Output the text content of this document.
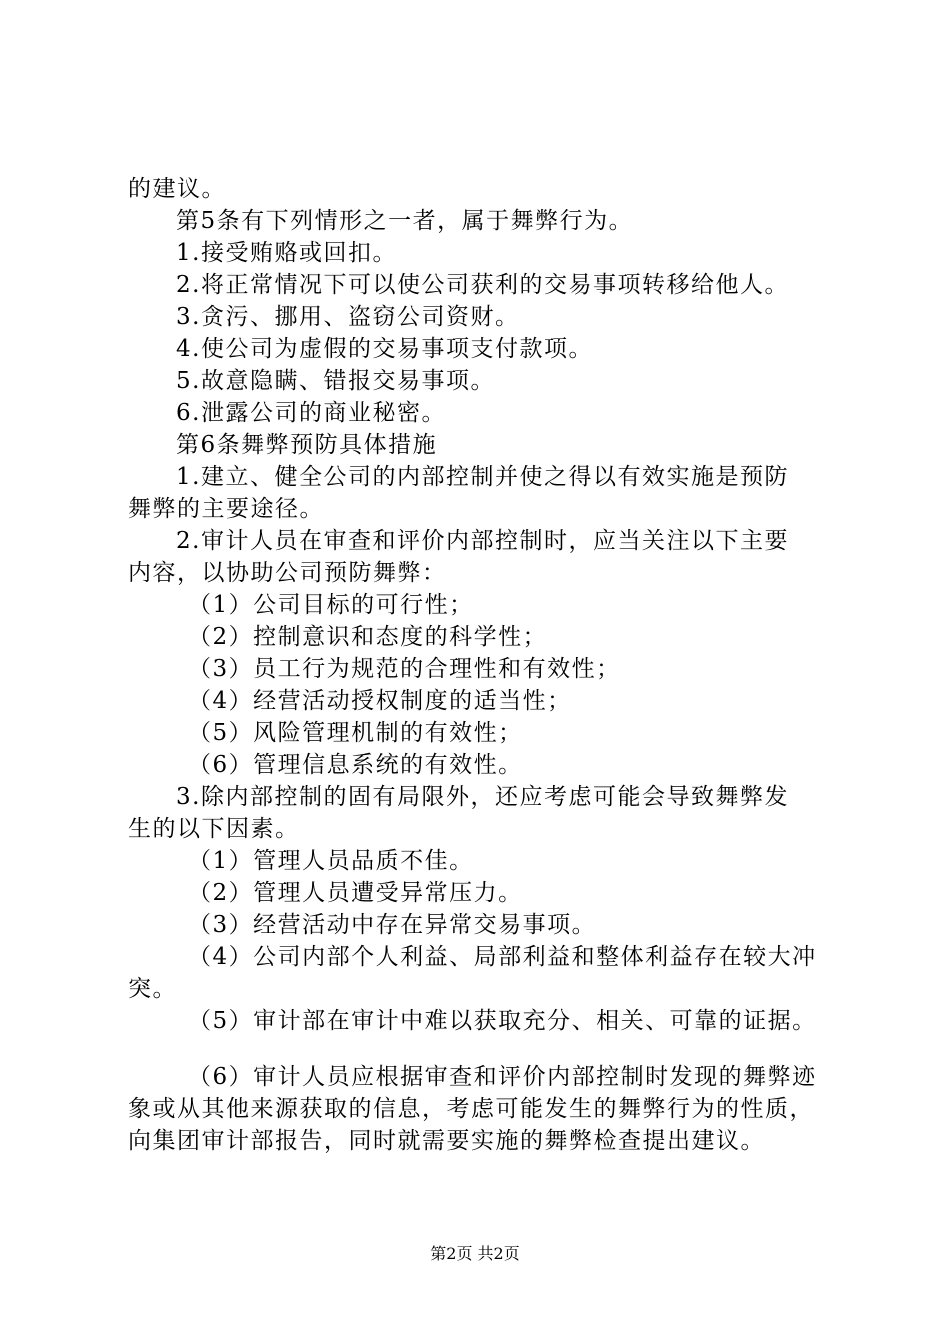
的建议。
第5条有下列情形之一者，属于舞弊行为。
1.接受贿赂或回扣。
2.将正常情况下可以使公司获利的交易事项转移给他人。
3.贪污、挪用、盗窃公司资财。
4.使公司为虚假的交易事项支付款项。
5.故意隐瞒、错报交易事项。
6.泄露公司的商业秘密。
第6条舞弊预防具体措施
1.建立、健全公司的内部控制并使之得以有效实施是预防
舞弊的主要途径。
2.审计人员在审查和评价内部控制时，应当关注以下主要
内容，以协助公司预防舞弊：
（1）公司目标的可行性；
（2）控制意识和态度的科学性；
（3）员工行为规范的合理性和有效性；
（4）经营活动授权制度的适当性；
（5）风险管理机制的有效性；
（6）管理信息系统的有效性。
3.除内部控制的固有局限外，还应考虑可能会导致舞弊发
生的以下因素。
（1）管理人员品质不佳。
（2）管理人员遭受异常压力。
（3）经营活动中存在异常交易事项。
（4）公司内部个人利益、局部利益和整体利益存在较大冲
突。
（5）审计部在审计中难以获取充分、相关、可靠的证据。
（6）审计人员应根据审查和评价内部控制时发现的舞弊迹
象或从其他来源获取的信息，考虑可能发生的舞弊行为的性质，
向集团审计部报告，同时就需要实施的舞弊检查提出建议。
第2页 共2页
